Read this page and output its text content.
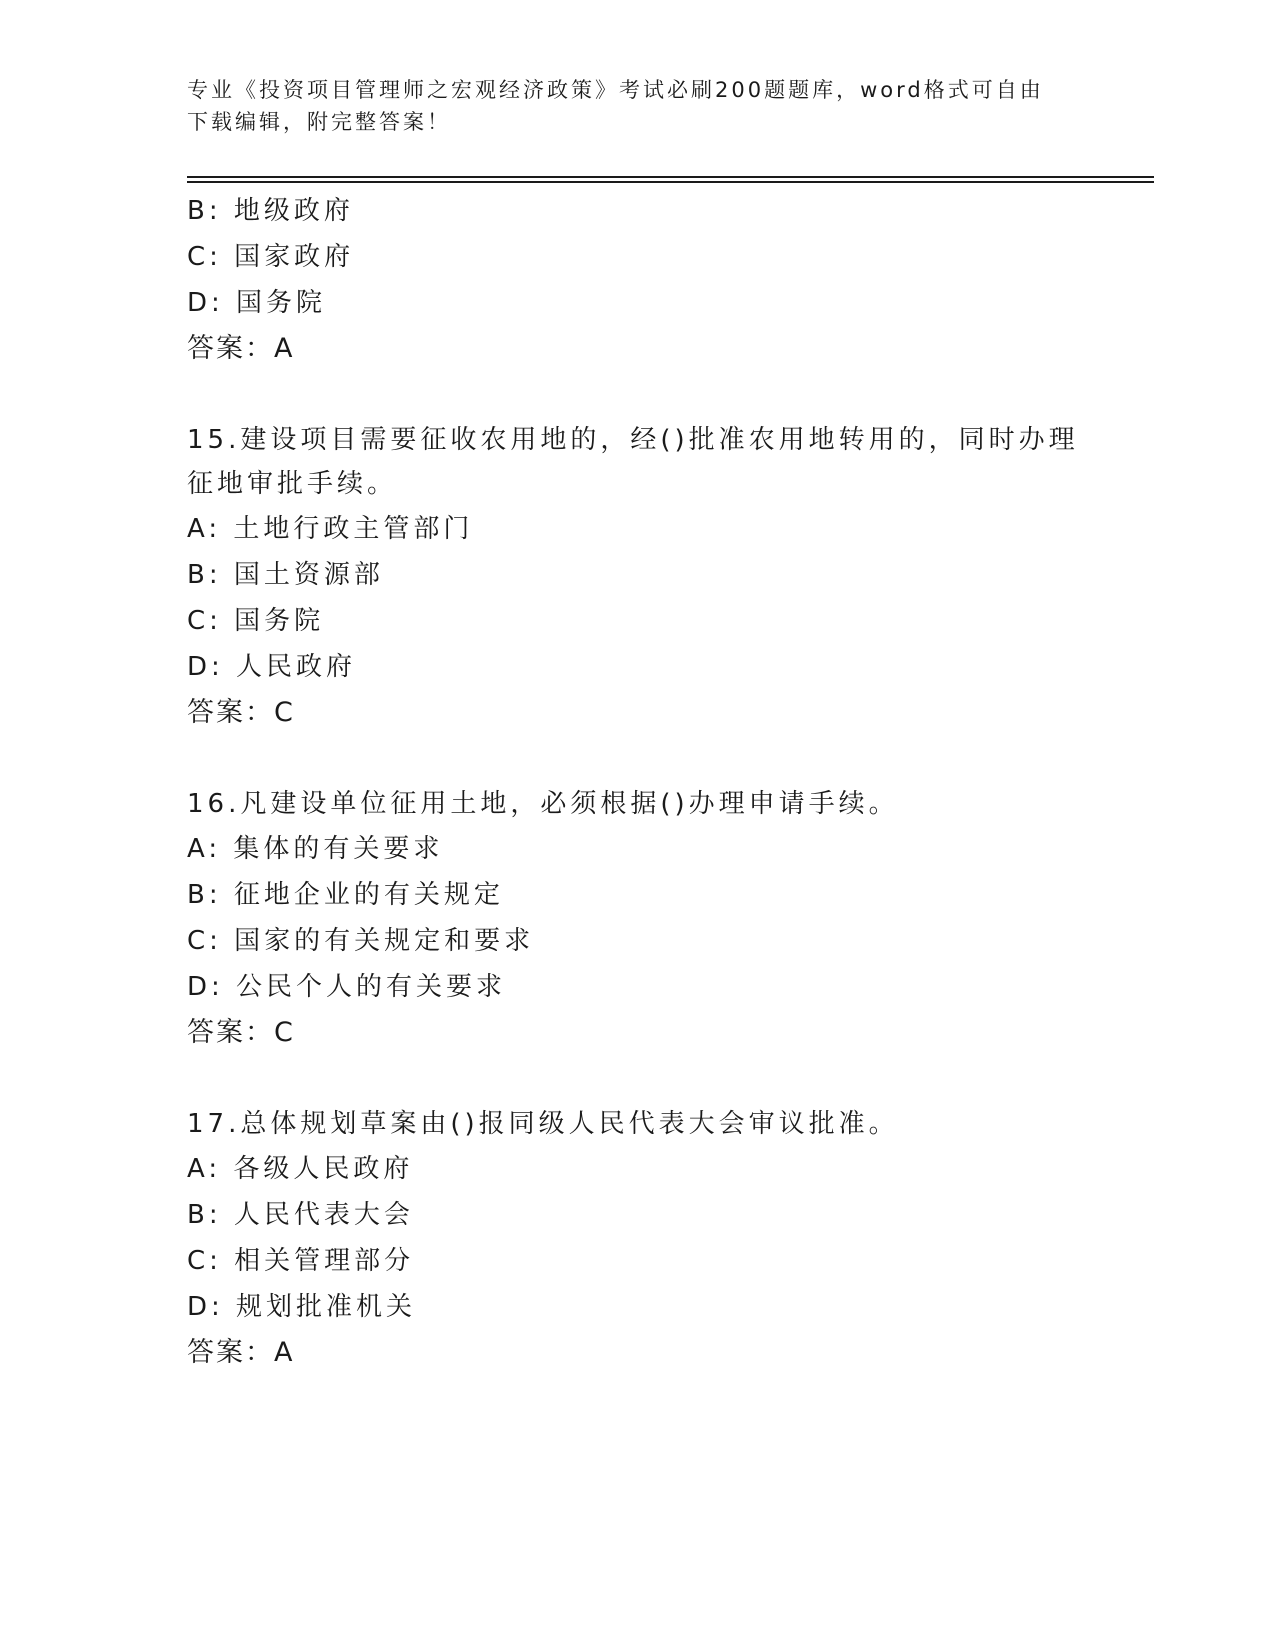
专业《投资项目管理师之宏观经济政策》考试必刷200题题库，word格式可自由下载编辑，附完整答案！
B: 地级政府
C: 国家政府
D: 国务院
答案：A
15.建设项目需要征收农用地的，经()批准农用地转用的，同时办理征地审批手续。
A: 土地行政主管部门
B: 国土资源部
C: 国务院
D: 人民政府
答案：C
16.凡建设单位征用土地，必须根据()办理申请手续。
A: 集体的有关要求
B: 征地企业的有关规定
C: 国家的有关规定和要求
D: 公民个人的有关要求
答案：C
17.总体规划草案由()报同级人民代表大会审议批准。
A: 各级人民政府
B: 人民代表大会
C: 相关管理部分
D: 规划批准机关
答案：A
